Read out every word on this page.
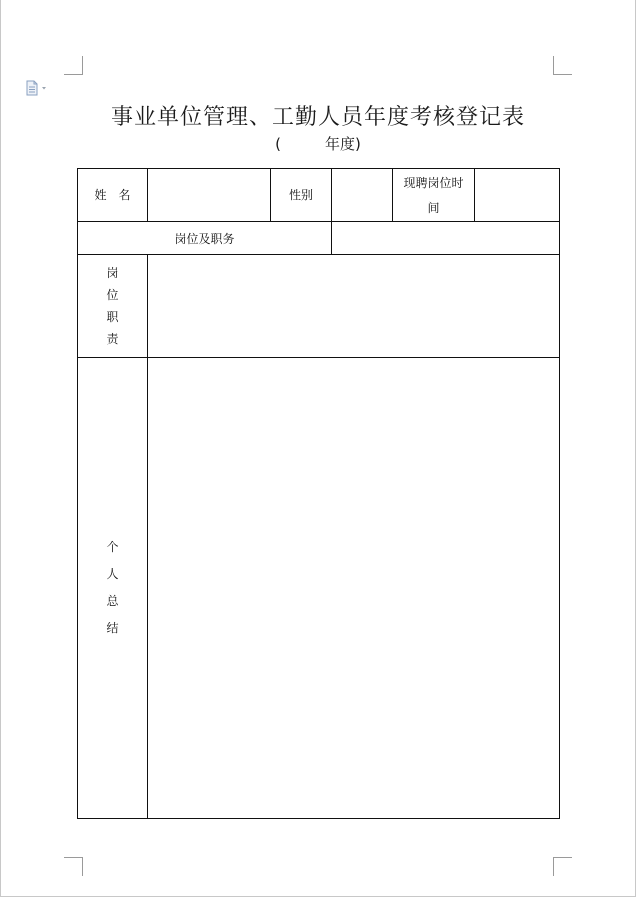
事业单位管理、工勤人员年度考核登记表
(	年度)
姓　名		性别		现聘岗位时
间	
岗位及职务					

岗
位
职
责					

个
人
总
结					
